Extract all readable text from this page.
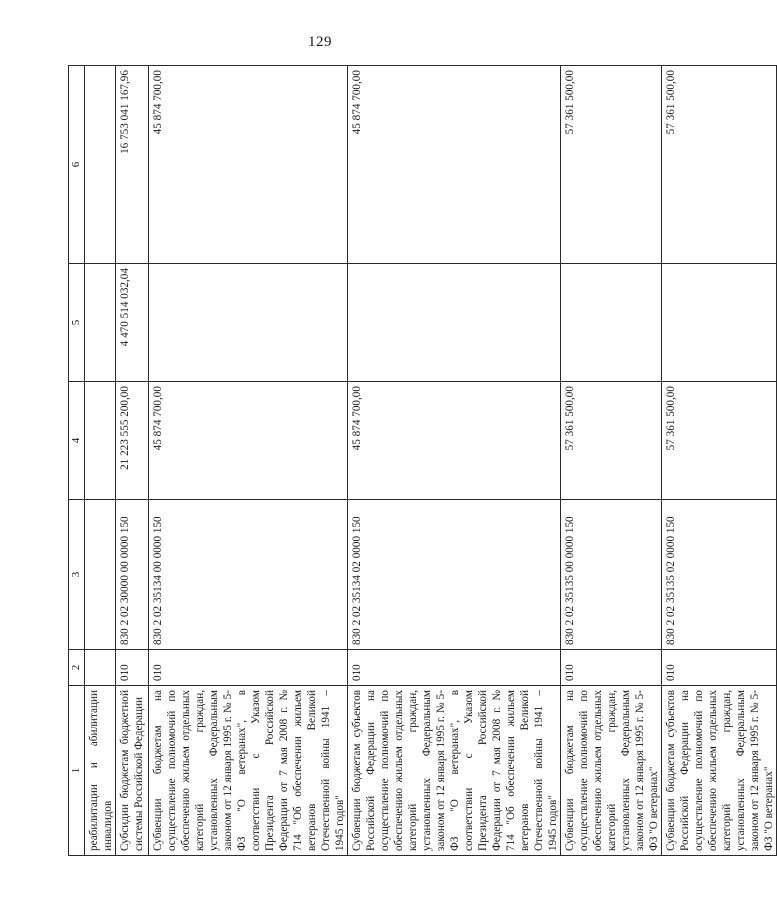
129
1	2	3	4	5	6
реабилитации и абилитации инвалидов					
Субсидии бюджетам бюджетной системы Российской Федерации	010	830 2 02 30000 00 0000 150	21 223 555 200,00	4 470 514 032,04	16 753 041 167,96
Субвенции бюджетам на осуществление полномочий по обеспечению жильем отдельных категорий граждан, установленных Федеральным законом от 12 января 1995 г. № 5-ФЗ "О ветеранах", в соответствии с Указом Президента Российской Федерации от 7 мая 2008 г. № 714 "Об обеспечении жильем ветеранов Великой Отечественной войны 1941 – 1945 годов"	010	830 2 02 35134 00 0000 150	45 874 700,00		45 874 700,00
Субвенции бюджетам субъектов Российской Федерации на осуществление полномочий по обеспечению жильем отдельных категорий граждан, установленных Федеральным законом от 12 января 1995 г. № 5-ФЗ "О ветеранах", в соответствии с Указом Президента Российской Федерации от 7 мая 2008 г. № 714 "Об обеспечении жильем ветеранов Великой Отечественной войны 1941 – 1945 годов"	010	830 2 02 35134 02 0000 150	45 874 700,00		45 874 700,00
Субвенции бюджетам на осуществление полномочий по обеспечению жильем отдельных категорий граждан, установленных Федеральным законом от 12 января 1995 г. № 5-ФЗ "О ветеранах"	010	830 2 02 35135 00 0000 150	57 361 500,00		57 361 500,00
Субвенции бюджетам субъектов Российской Федерации на осуществление полномочий по обеспечению жильем отдельных категорий граждан, установленных Федеральным законом от 12 января 1995 г. № 5-ФЗ "О ветеранах"	010	830 2 02 35135 02 0000 150	57 361 500,00		57 361 500,00
